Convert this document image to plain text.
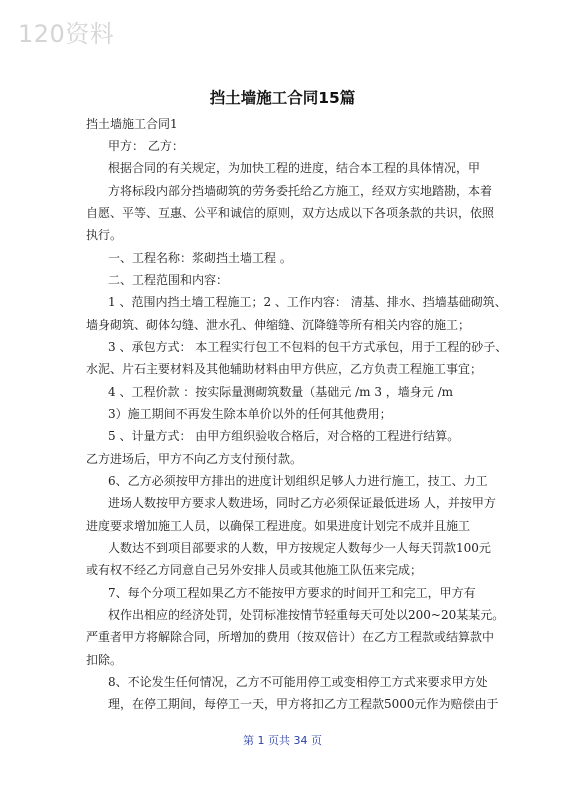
120资料
挡土墙施工合同15篇
挡土墙施工合同1
甲方： 乙方：
根据合同的有关规定，为加快工程的进度，结合本工程的具体情况，甲
方将标段内部分挡墙砌筑的劳务委托给乙方施工，经双方实地踏勘，本着
自愿、平等、互惠、公平和诚信的原则，双方达成以下各项条款的共识，依照
执行。
一、工程名称：浆砌挡土墙工程 。
二、工程范围和内容：
1 、范围内挡土墙工程施工；2 、工作内容： 清基、排水、挡墙基础砌筑、
墙身砌筑、砌体勾缝、泄水孔、伸缩缝、沉降缝等所有相关内容的施工；
3 、承包方式： 本工程实行包工不包料的包干方式承包，用于工程的砂子、
水泥、片石主要材料及其他辅助材料由甲方供应，乙方负责工程施工事宜；
4 、工程价款 ：按实际量测砌筑数量（基础元 /m 3 ，墙身元 /m
3）施工期间不再发生除本单价以外的任何其他费用；
5 、计量方式： 由甲方组织验收合格后，对合格的工程进行结算。
乙方进场后，甲方不向乙方支付预付款。
6、乙方必须按甲方排出的进度计划组织足够人力进行施工，技工、力工
进场人数按甲方要求人数进场，同时乙方必须保证最低进场 人，并按甲方
进度要求增加施工人员，以确保工程进度。如果进度计划完不成并且施工
人数达不到项目部要求的人数，甲方按规定人数每少一人每天罚款100元
或有权不经乙方同意自己另外安排人员或其他施工队伍来完成；
7、每个分项工程如果乙方不能按甲方要求的时间开工和完工，甲方有
权作出相应的经济处罚，处罚标准按情节轻重每天可处以200~20某某元。
严重者甲方将解除合同，所增加的费用（按双倍计）在乙方工程款或结算款中
扣除。
8、不论发生任何情况，乙方不可能用停工或变相停工方式来要求甲方处
理，在停工期间，每停工一天，甲方将扣乙方工程款5000元作为赔偿由于
第 1 页共 34 页
